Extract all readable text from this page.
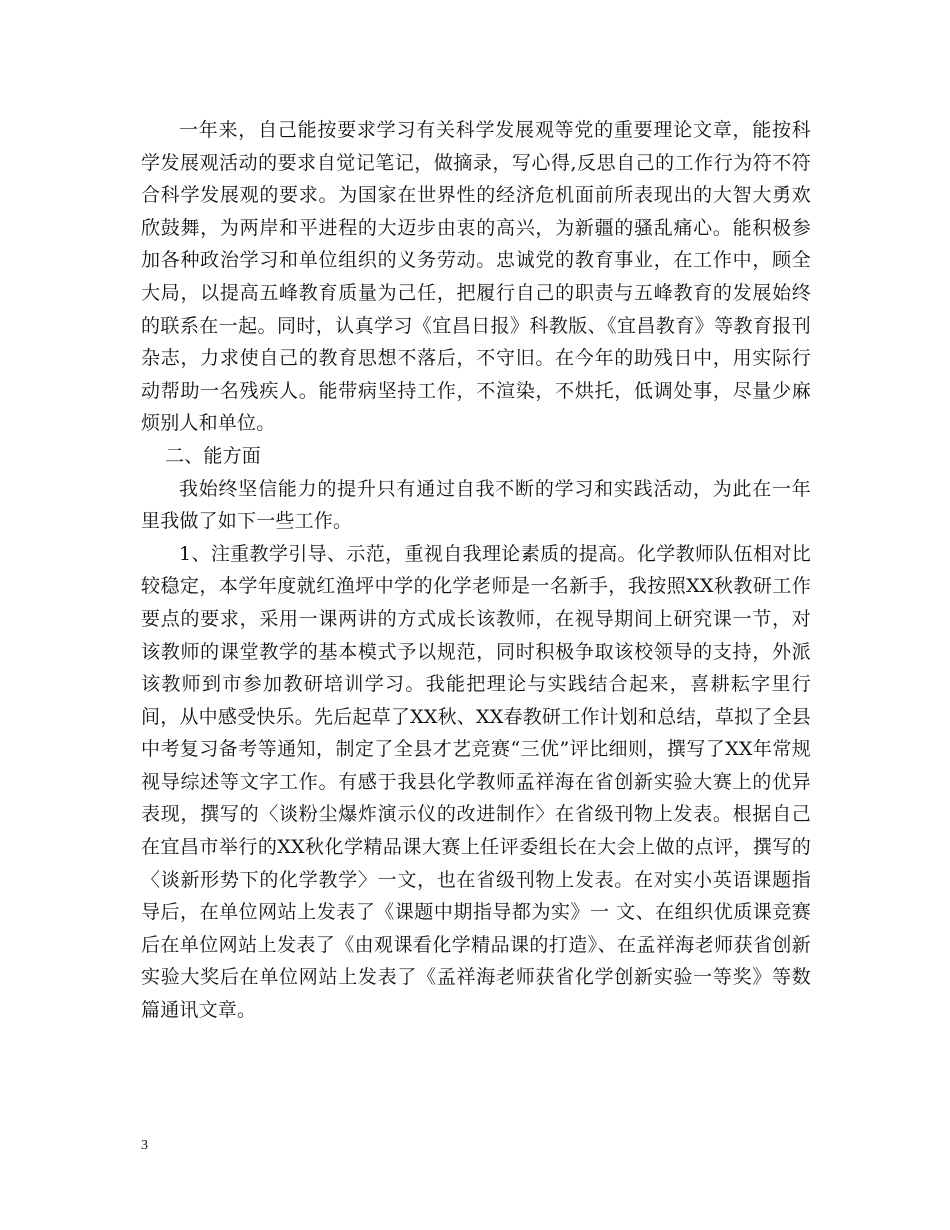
一年来，自己能按要求学习有关科学发展观等党的重要理论文章，能按科学发展观活动的要求自觉记笔记，做摘录，写心得,反思自己的工作行为符不符合科学发展观的要求。为国家在世界性的经济危机面前所表现出的大智大勇欢欣鼓舞，为两岸和平进程的大迈步由衷的高兴，为新疆的骚乱痛心。能积极参加各种政治学习和单位组织的义务劳动。忠诚党的教育事业，在工作中，顾全大局，以提高五峰教育质量为己任，把履行自己的职责与五峰教育的发展始终的联系在一起。同时，认真学习《宜昌日报》科教版、《宜昌教育》等教育报刊杂志，力求使自己的教育思想不落后，不守旧。在今年的助残日中，用实际行动帮助一名残疾人。能带病坚持工作，不渲染，不烘托，低调处事，尽量少麻烦别人和单位。

二、能方面

我始终坚信能力的提升只有通过自我不断的学习和实践活动，为此在一年里我做了如下一些工作。

1、注重教学引导、示范，重视自我理论素质的提高。化学教师队伍相对比较稳定，本学年度就红渔坪中学的化学老师是一名新手，我按照XX秋教研工作要点的要求，采用一课两讲的方式成长该教师，在视导期间上研究课一节，对该教师的课堂教学的基本模式予以规范，同时积极争取该校领导的支持，外派该教师到市参加教研培训学习。我能把理论与实践结合起来，喜耕耘字里行间，从中感受快乐。先后起草了XX秋、XX春教研工作计划和总结，草拟了全县中考复习备考等通知，制定了全县才艺竞赛“三优”评比细则，撰写了XX年常规视导综述等文字工作。有感于我县化学教师孟祥海在省创新实验大赛上的优异表现，撰写的〈谈粉尘爆炸演示仪的改进制作〉在省级刊物上发表。根据自己在宜昌市举行的XX秋化学精品课大赛上任评委组长在大会上做的点评，撰写的〈谈新形势下的化学教学〉一文，也在省级刊物上发表。在对实小英语课题指导后，在单位网站上发表了《课题中期指导都为实》一 文、在组织优质课竞赛后在单位网站上发表了《由观课看化学精品课的打造》、在孟祥海老师获省创新实验大奖后在单位网站上发表了《孟祥海老师获省化学创新实验一等奖》等数篇通讯文章。

3
